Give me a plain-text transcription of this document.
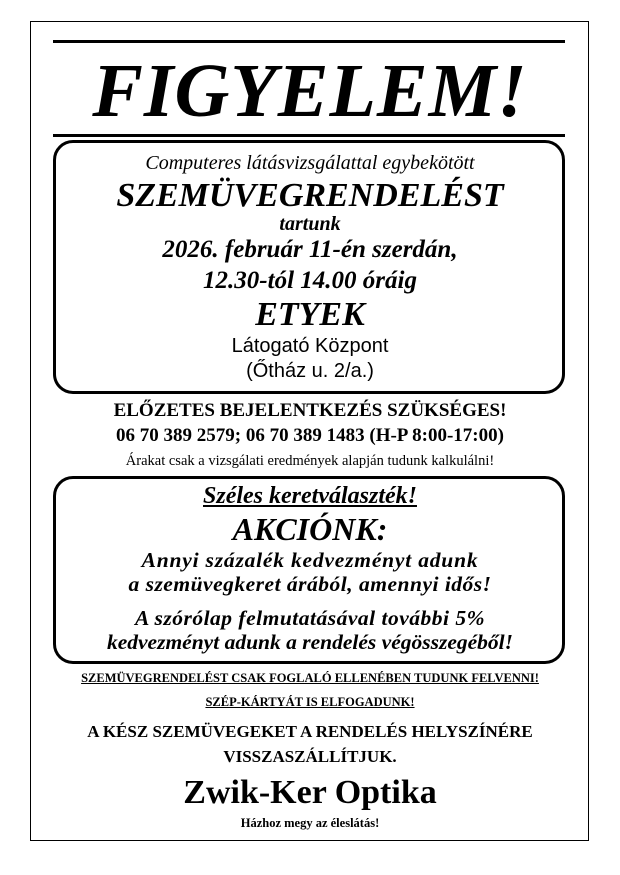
FIGYELEM!
Computeres látásvizsgálattal egybekötött
SZEMÜVEGRENDELÉST
tartunk
2026. február 11-én szerdán,
12.30-tól 14.00 óráig
ETYEK
Látogató Központ
(Őtház u. 2/a.)
ELŐZETES BEJELENTKEZÉS SZÜKSÉGES!
06 70 389 2579; 06 70 389 1483 (H-P 8:00-17:00)
Árakat csak a vizsgálati eredmények alapján tudunk kalkulálni!
Széles keretválaszték!
AKCIÓNK:
Annyi százalék kedvezményt adunk
a szemüvegkeret árából, amennyi idős!
A szórólap felmutatásával további 5%
kedvezményt adunk a rendelés végösszegéből!
SZEMÜVEGRENDELÉST CSAK FOGLALÓ ELLENÉBEN TUDUNK FELVENNI!
SZÉP-KÁRTYÁT IS ELFOGADUNK!
A KÉSZ SZEMÜVEGEKET A RENDELÉS HELYSZÍNÉRE
VISSZASZÁLLÍTJUK.
Zwik-Ker Optika
Házhoz megy az éleslátás!
